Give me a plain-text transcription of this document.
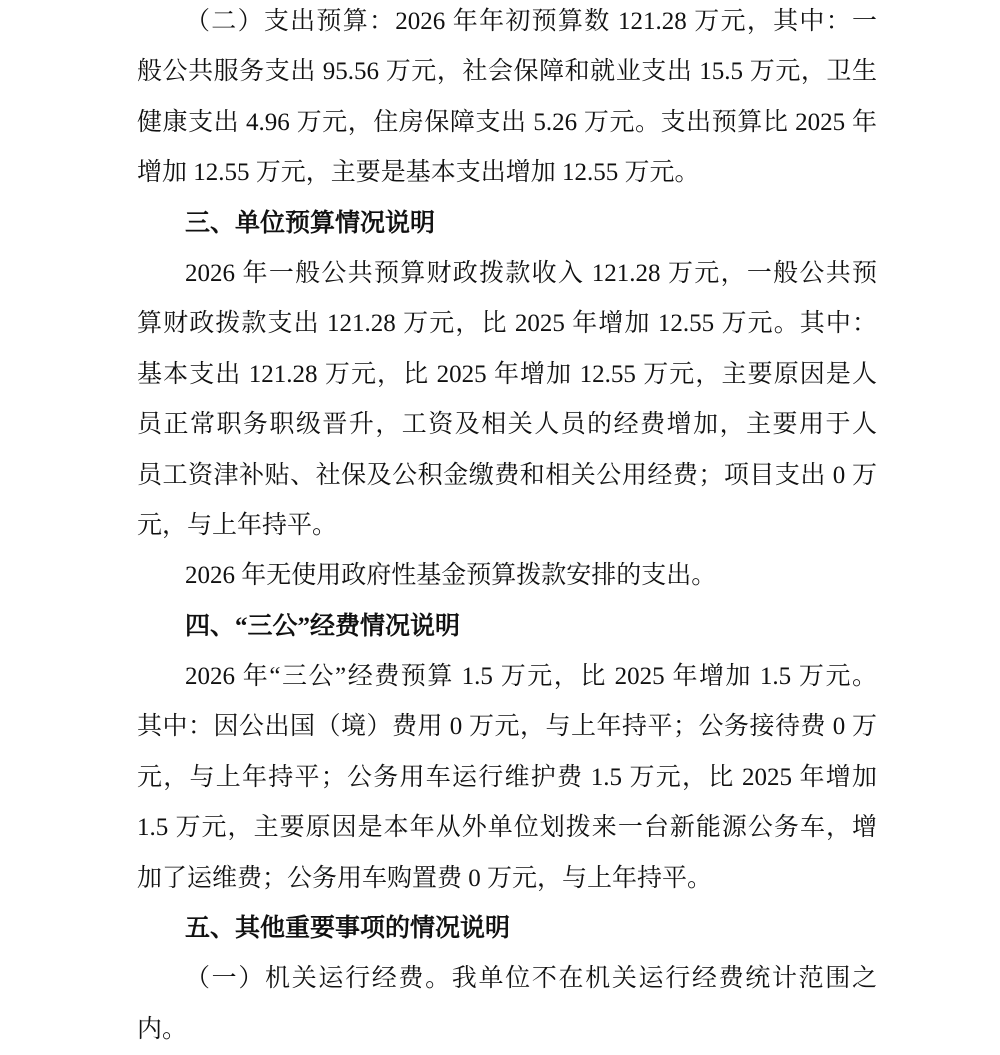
（二）支出预算：2026 年年初预算数 121.28 万元，其中：一
般公共服务支出 95.56 万元，社会保障和就业支出 15.5 万元，卫生
健康支出 4.96 万元，住房保障支出 5.26 万元。支出预算比 2025 年
增加 12.55 万元，主要是基本支出增加 12.55 万元。
三、单位预算情况说明
2026 年一般公共预算财政拨款收入 121.28 万元，一般公共预
算财政拨款支出 121.28 万元，比 2025 年增加 12.55 万元。其中：
基本支出 121.28 万元，比 2025 年增加 12.55 万元，主要原因是人
员正常职务职级晋升，工资及相关人员的经费增加，主要用于人
员工资津补贴、社保及公积金缴费和相关公用经费；项目支出 0 万
元，与上年持平。
2026 年无使用政府性基金预算拨款安排的支出。
四、“三公”经费情况说明
2026 年“三公”经费预算 1.5 万元，比 2025 年增加 1.5 万元。
其中：因公出国（境）费用 0 万元，与上年持平；公务接待费 0 万
元，与上年持平；公务用车运行维护费 1.5 万元，比 2025 年增加
1.5 万元，主要原因是本年从外单位划拨来一台新能源公务车，增
加了运维费；公务用车购置费 0 万元，与上年持平。
五、其他重要事项的情况说明
（一）机关运行经费。我单位不在机关运行经费统计范围之
内。
